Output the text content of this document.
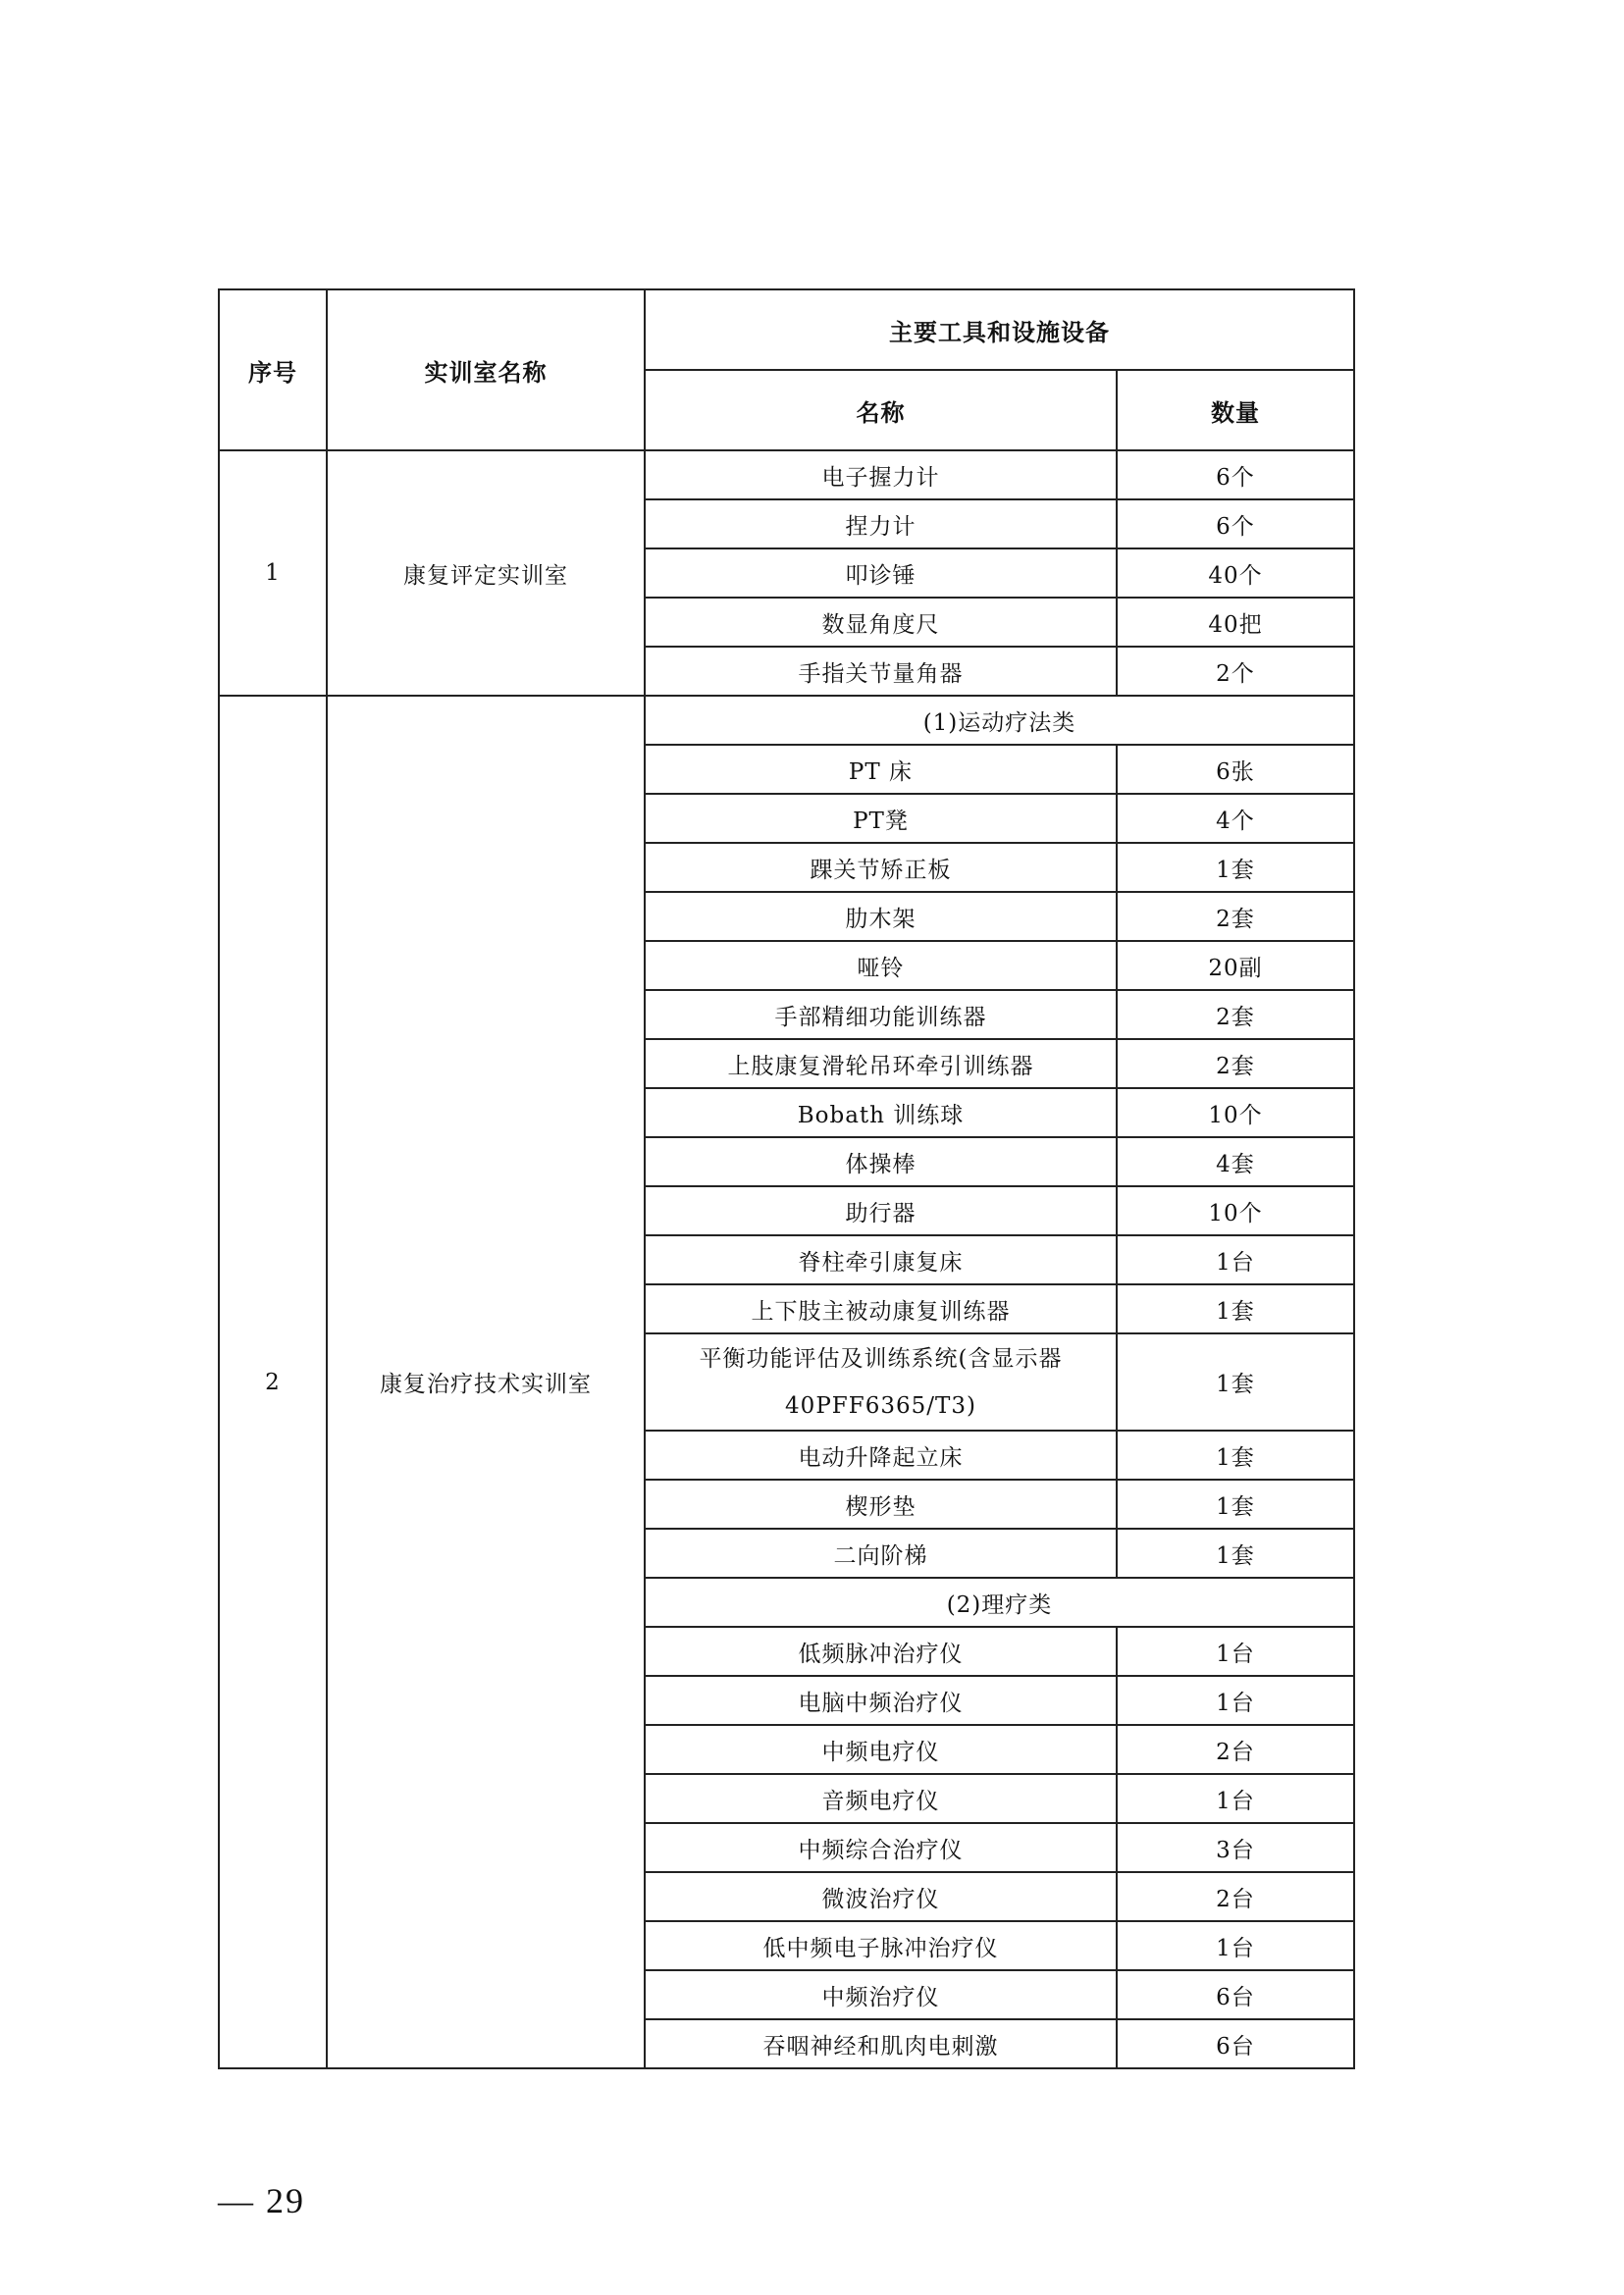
序号	实训室名称	主要工具和设施设备	
		名称	数量
1	康复评定实训室	电子握力计	6个
		捏力计	6个
		叩诊锤	40个
		数显角度尺	40把
		手指关节量角器	2个
2	康复治疗技术实训室	(1)运动疗法类	
		PT 床	6张
		PT凳	4个
		踝关节矫正板	1套
		肋木架	2套
		哑铃	20副
		手部精细功能训练器	2套
		上肢康复滑轮吊环牵引训练器	2套
		Bobath 训练球	10个
		体操棒	4套
		助行器	10个
		脊柱牵引康复床	1台
		上下肢主被动康复训练器	1套

		平衡功能评估及训练系统(含显示器
40PFF6365/T3)	1套
		电动升降起立床	1套
		楔形垫	1套
		二向阶梯	1套
		(2)理疗类	
		低频脉冲治疗仪	1台
		电脑中频治疗仪	1台
		中频电疗仪	2台
		音频电疗仪	1台
		中频综合治疗仪	3台
		微波治疗仪	2台
		低中频电子脉冲治疗仪	1台
		中频治疗仪	6台
		吞咽神经和肌肉电刺激	6台
— 29
